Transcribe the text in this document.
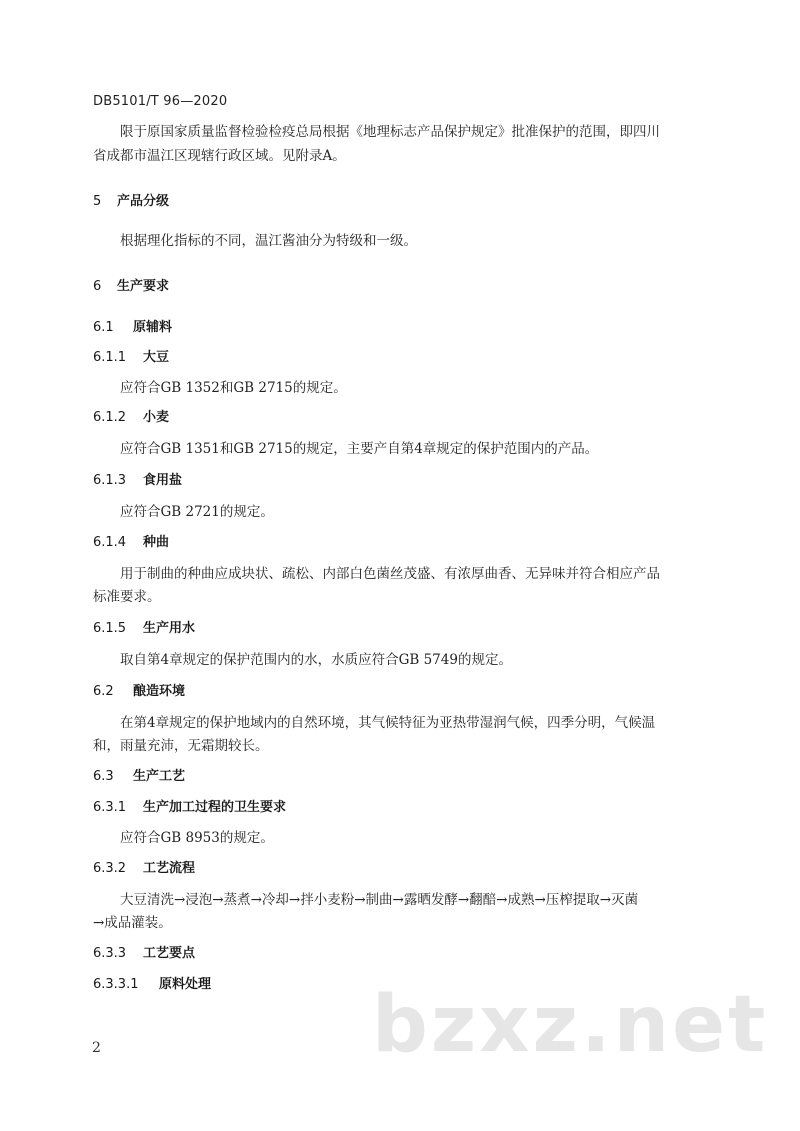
DB5101/T 96—2020
限于原国家质量监督检验检疫总局根据《地理标志产品保护规定》批准保护的范围，即四川
省成都市温江区现辖行政区域。见附录A。
5 产品分级
根据理化指标的不同，温江酱油分为特级和一级。
6 生产要求
6.1 原辅料
6.1.1 大豆
应符合GB 1352和GB 2715的规定。
6.1.2 小麦
应符合GB 1351和GB 2715的规定，主要产自第4章规定的保护范围内的产品。
6.1.3 食用盐
应符合GB 2721的规定。
6.1.4 种曲
用于制曲的种曲应成块状、疏松、内部白色菌丝茂盛、有浓厚曲香、无异味并符合相应产品
标准要求。
6.1.5 生产用水
取自第4章规定的保护范围内的水，水质应符合GB 5749的规定。
6.2 酿造环境
在第4章规定的保护地域内的自然环境，其气候特征为亚热带湿润气候，四季分明，气候温
和，雨量充沛，无霜期较长。
6.3 生产工艺
6.3.1 生产加工过程的卫生要求
应符合GB 8953的规定。
6.3.2 工艺流程
大豆清洗→浸泡→蒸煮→冷却→拌小麦粉→制曲→露晒发酵→翻醅→成熟→压榨提取→灭菌
→成品灌装。
6.3.3 工艺要点
6.3.3.1 原料处理
2	bzxz.net
